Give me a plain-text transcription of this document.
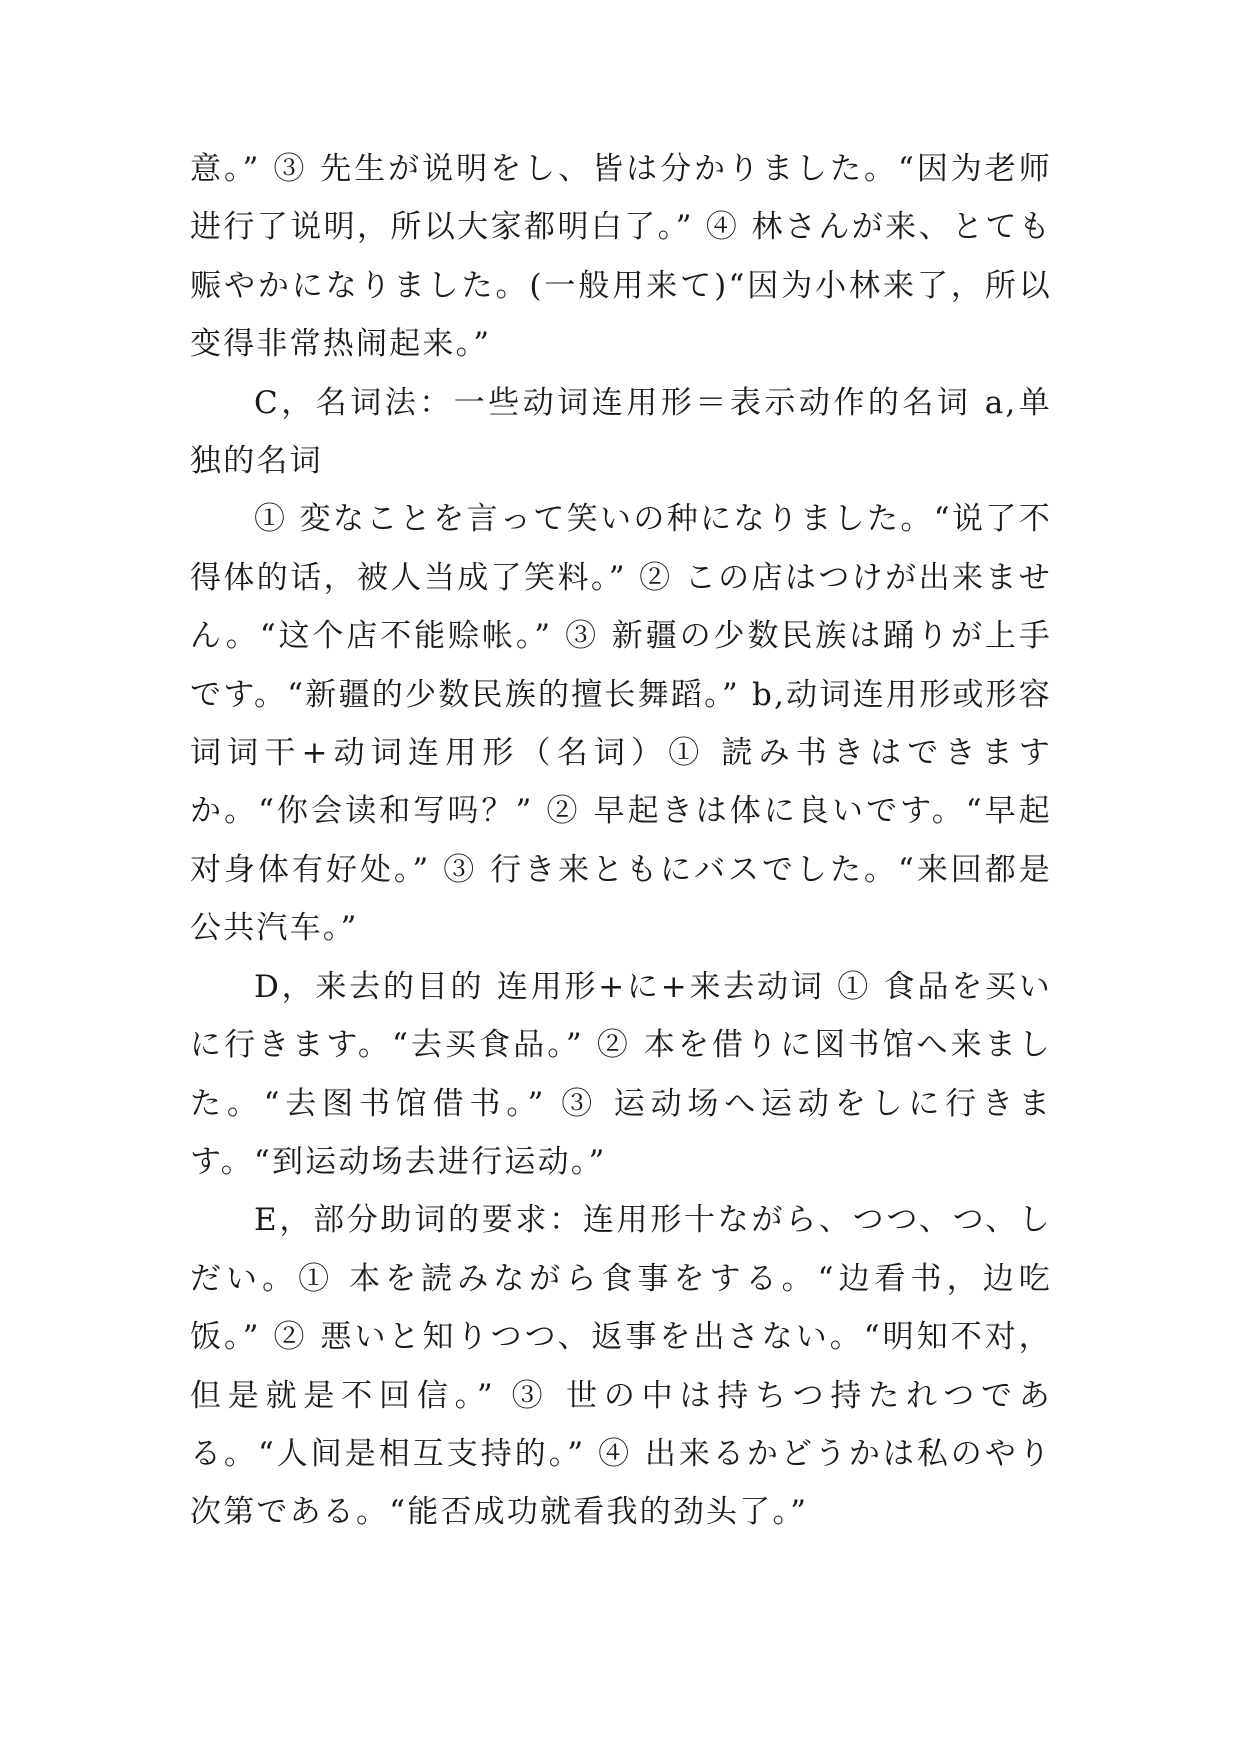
意。” ③ 先生が说明をし、皆は分かりました。“因为老师进行了说明，所以大家都明白了。” ④ 林さんが来、とても赈やかになりました。(一般用来て)“因为小林来了，所以变得非常热闹起来。”

C，名词法：一些动词连用形＝表示动作的名词 a,单独的名词

① 変なことを言って笑いの种になりました。“说了不得体的话，被人当成了笑料。” ② この店はつけが出来ません。“这个店不能赊帐。” ③ 新疆の少数民族は踊りが上手です。“新疆的少数民族的擅长舞蹈。” b,动词连用形或形容词词干+动词连用形（名词）① 読み书きはできますか。“你会读和写吗？” ② 早起きは体に良いです。“早起对身体有好处。” ③ 行き来ともにバスでした。“来回都是公共汽车。”

D，来去的目的 连用形+に+来去动词 ① 食品を买いに行きます。“去买食品。” ② 本を借りに図书馆へ来ました。“去图书馆借书。” ③ 运动场へ运动をしに行きます。“到运动场去进行运动。”

E，部分助词的要求：连用形十ながら、つつ、つ、しだい。① 本を読みながら食事をする。“边看书，边吃饭。” ② 悪いと知りつつ、返事を出さない。“明知不对，但是就是不回信。” ③ 世の中は持ちつ持たれつである。“人间是相互支持的。” ④ 出来るかどうかは私のやり次第である。“能否成功就看我的劲头了。”
